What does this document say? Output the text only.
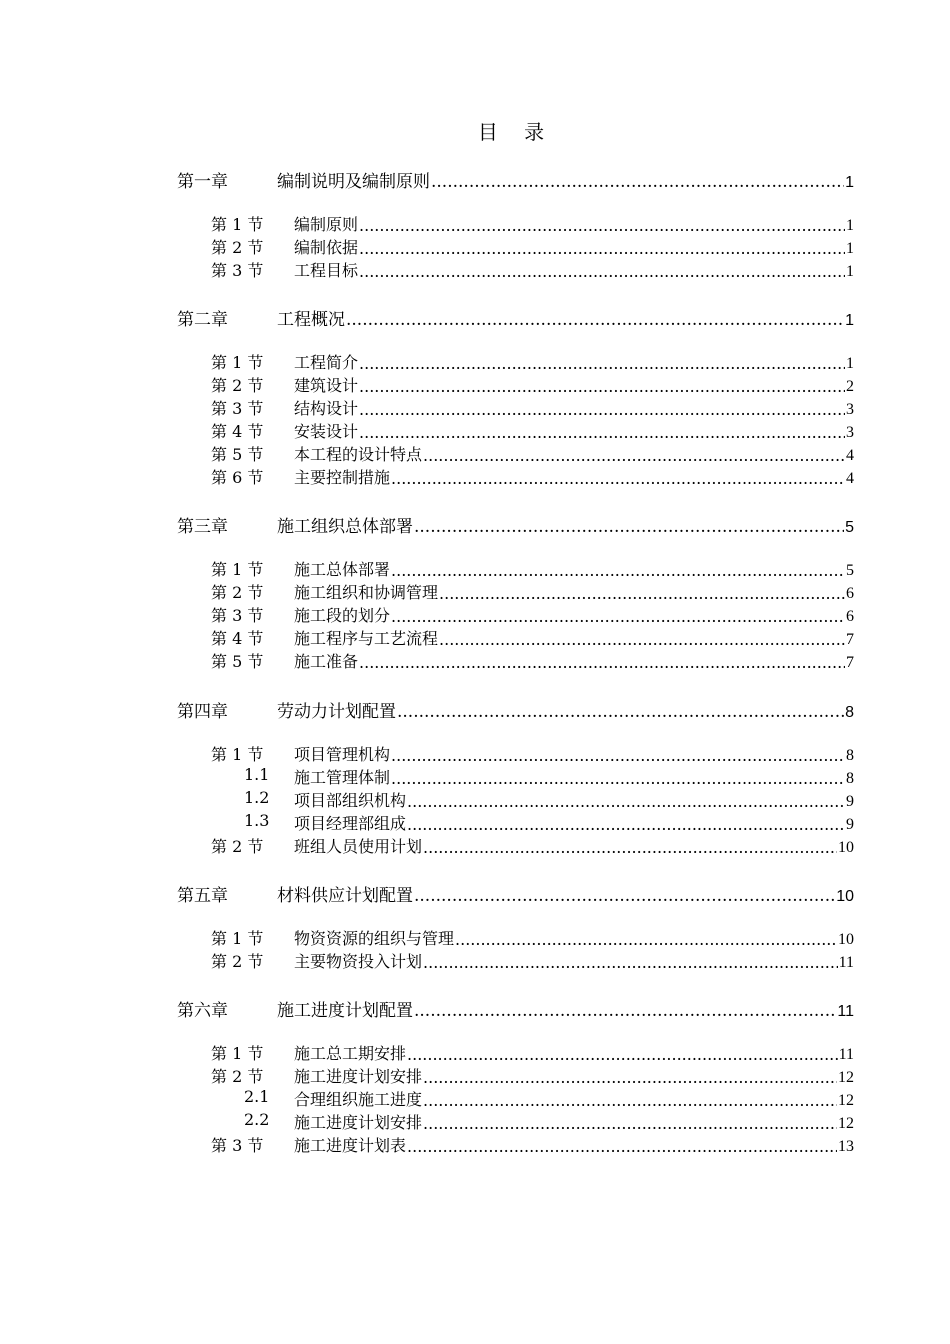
目 录
第一章	编制说明及编制原则 .....	1
第 1 节 编制原则 .....	1
第 2 节 编制依据 .....	1
第 3 节 工程目标 .....	1
第二章	工程概况 .....	1
第 1 节 工程简介 .....	1
第 2 节 建筑设计 .....	2
第 3 节 结构设计 .....	3
第 4 节 安装设计 .....	3
第 5 节 本工程的设计特点 .....	4
第 6 节 主要控制措施 .....	4
第三章	施工组织总体部署 .....	5
第 1 节 施工总体部署 .....	5
第 2 节 施工组织和协调管理 .....	6
第 3 节 施工段的划分 .....	6
第 4 节 施工程序与工艺流程 .....	7
第 5 节 施工准备 .....	7
第四章	劳动力计划配置 .....	8
第 1 节 项目管理机构 .....	8
1.1 施工管理体制 .....	8
1.2 项目部组织机构 .....	9
1.3 项目经理部组成 .....	9
第 2 节 班组人员使用计划 .....	10
第五章	材料供应计划配置 .....	10
第 1 节 物资资源的组织与管理 .....	10
第 2 节 主要物资投入计划 .....	11
第六章	施工进度计划配置 .....	11
第 1 节 施工总工期安排 .....	11
第 2 节 施工进度计划安排 .....	12
2.1 合理组织施工进度 .....	12
2.2 施工进度计划安排 .....	12
第 3 节 施工进度计划表 .....	13
